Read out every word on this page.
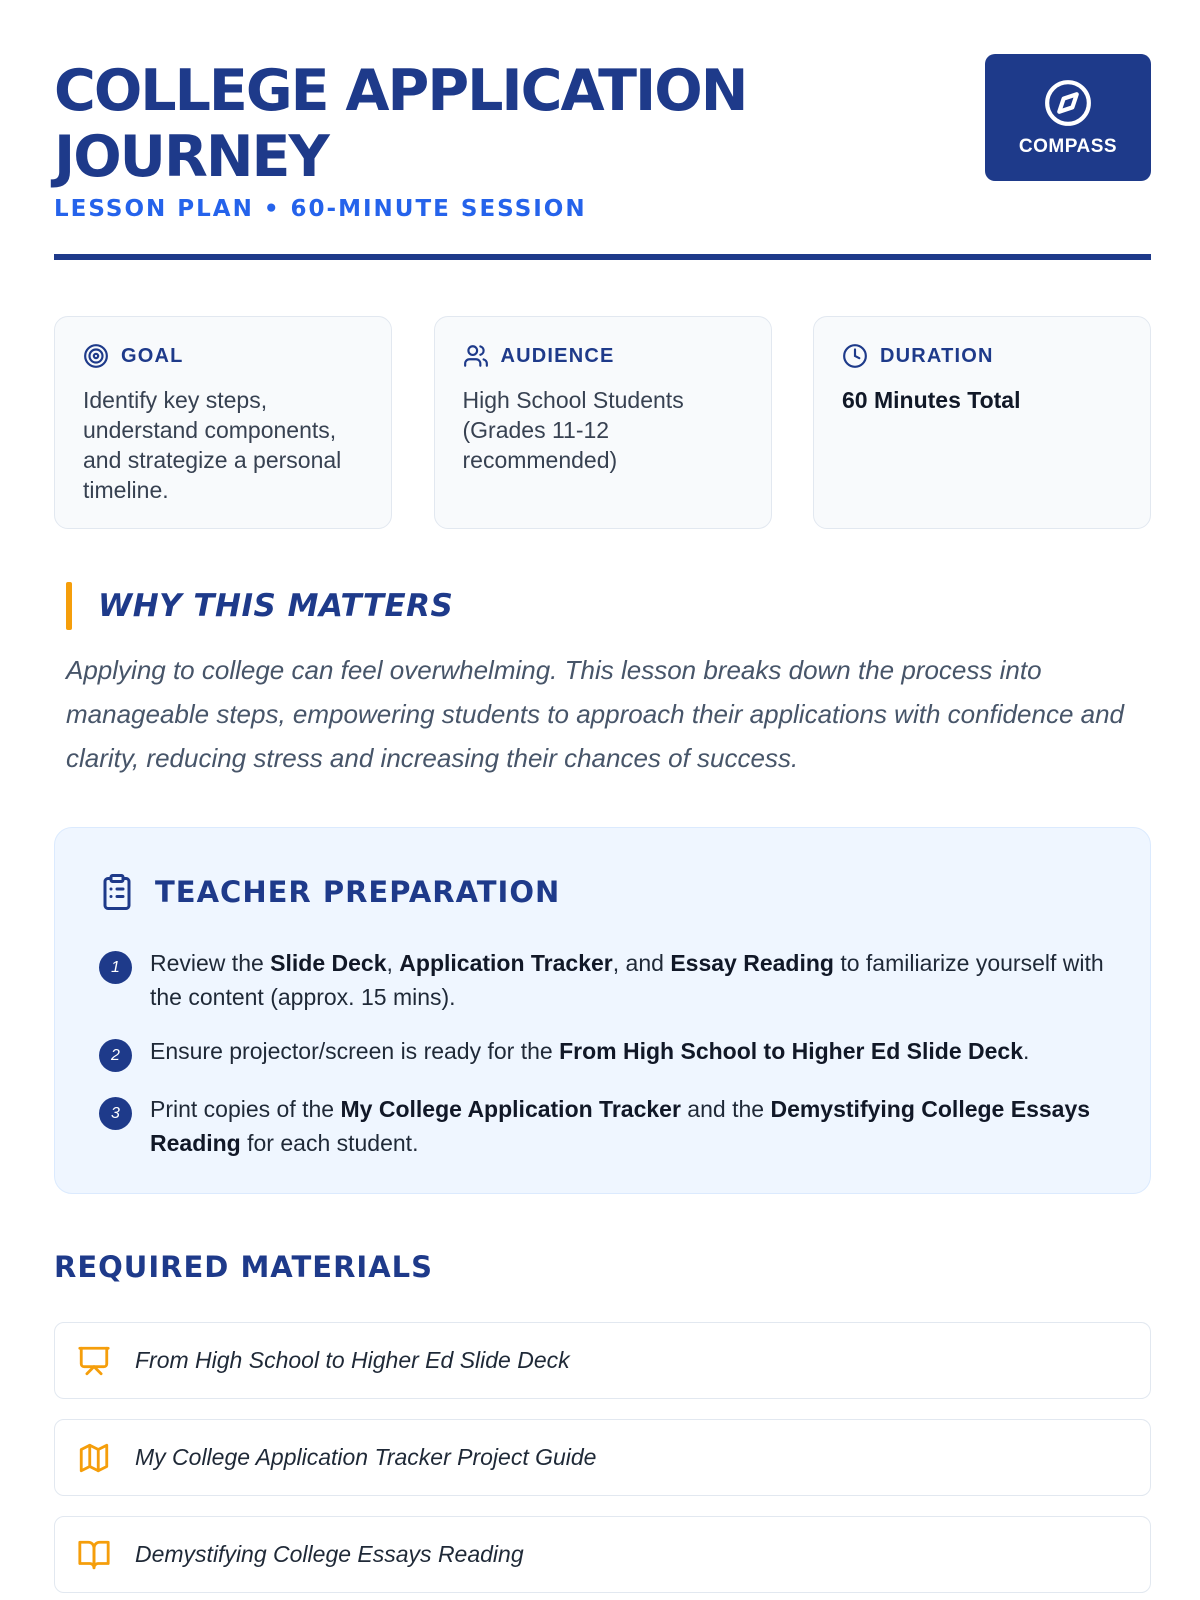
COLLEGE APPLICATION JOURNEY
LESSON PLAN • 60-MINUTE SESSION
COMPASS
GOAL
Identify key steps, understand components, and strategize a personal timeline.
AUDIENCE
High School Students (Grades 11-12 recommended)
DURATION
60 Minutes Total
WHY THIS MATTERS

Applying to college can feel overwhelming. This lesson breaks down the process into manageable steps, empowering students to approach their applications with confidence and clarity, reducing stress and increasing their chances of success.

TEACHER PREPARATION
1	Review the Slide Deck, Application Tracker, and Essay Reading to familiarize yourself with the content (approx. 15 mins).
2	Ensure projector/screen is ready for the From High School to Higher Ed Slide Deck.
3	Print copies of the My College Application Tracker and the Demystifying College Essays Reading for each student.
REQUIRED MATERIALS
From High School to Higher Ed Slide Deck
My College Application Tracker Project Guide
Demystifying College Essays Reading
